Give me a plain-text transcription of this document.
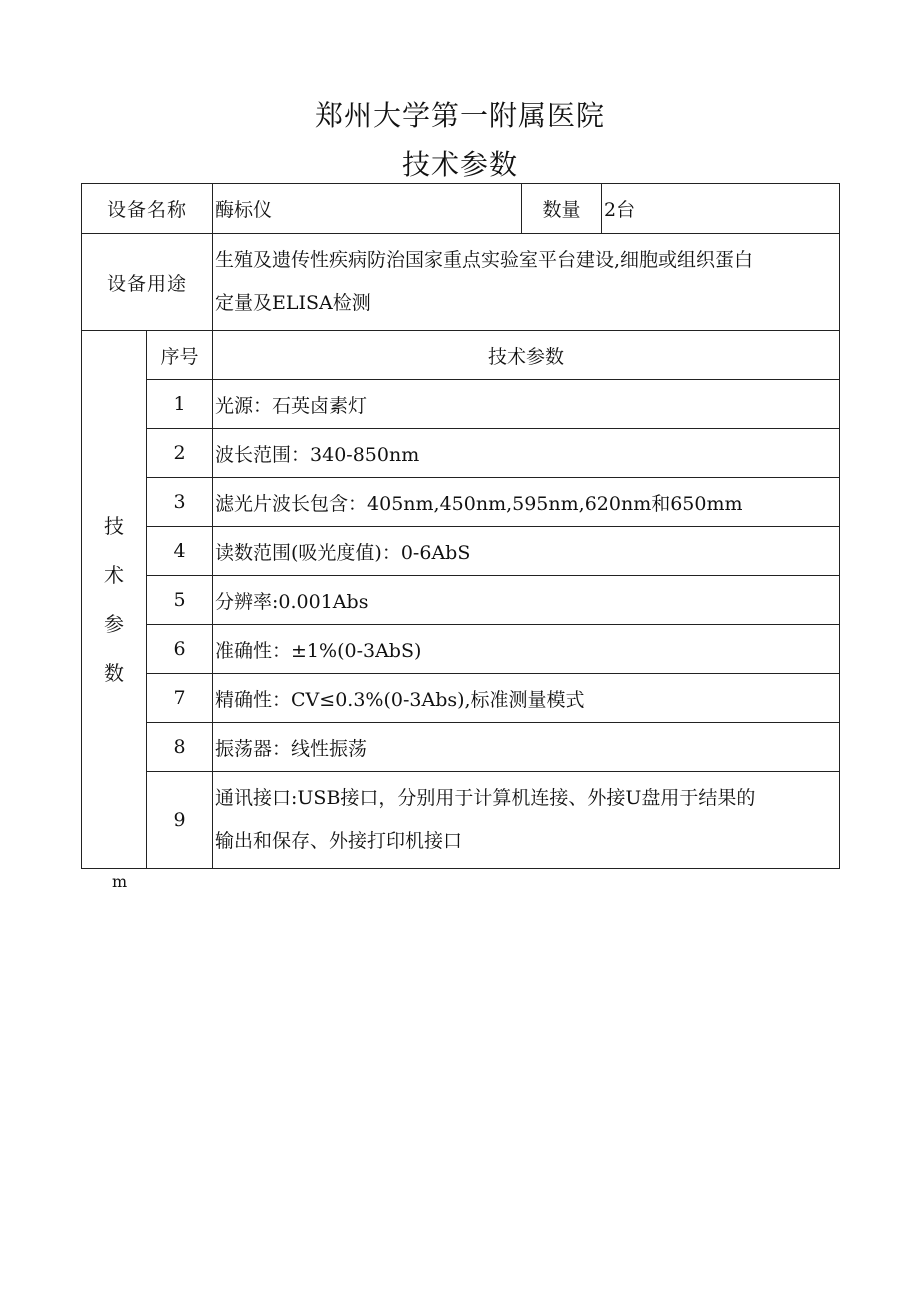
郑州大学第一附属医院
技术参数
设备名称		酶标仪	数量	2台
设备用途		生殖及遗传性疾病防治国家重点实验室平台建设,细胞或组织蛋白
定量及ELISA检测		

技
术
参
数	序号	技术参数		
	1	光源：石英卤素灯		
	2	波长范围：340-850nm		
	3	滤光片波长包含：405nm,450nm,595nm,620nm和650mm		
	4	读数范围(吸光度值)：0-6AbS		
	5	分辨率:0.001Abs		
	6	准确性：±1%(0-3AbS)		
	7	精确性：CV≤0.3%(0-3Abs),标准测量模式		
	8	振荡器：线性振荡		
	9	通讯接口:USB接口，分别用于计算机连接、外接U盘用于结果的
输出和保存、外接打印机接口		
m
